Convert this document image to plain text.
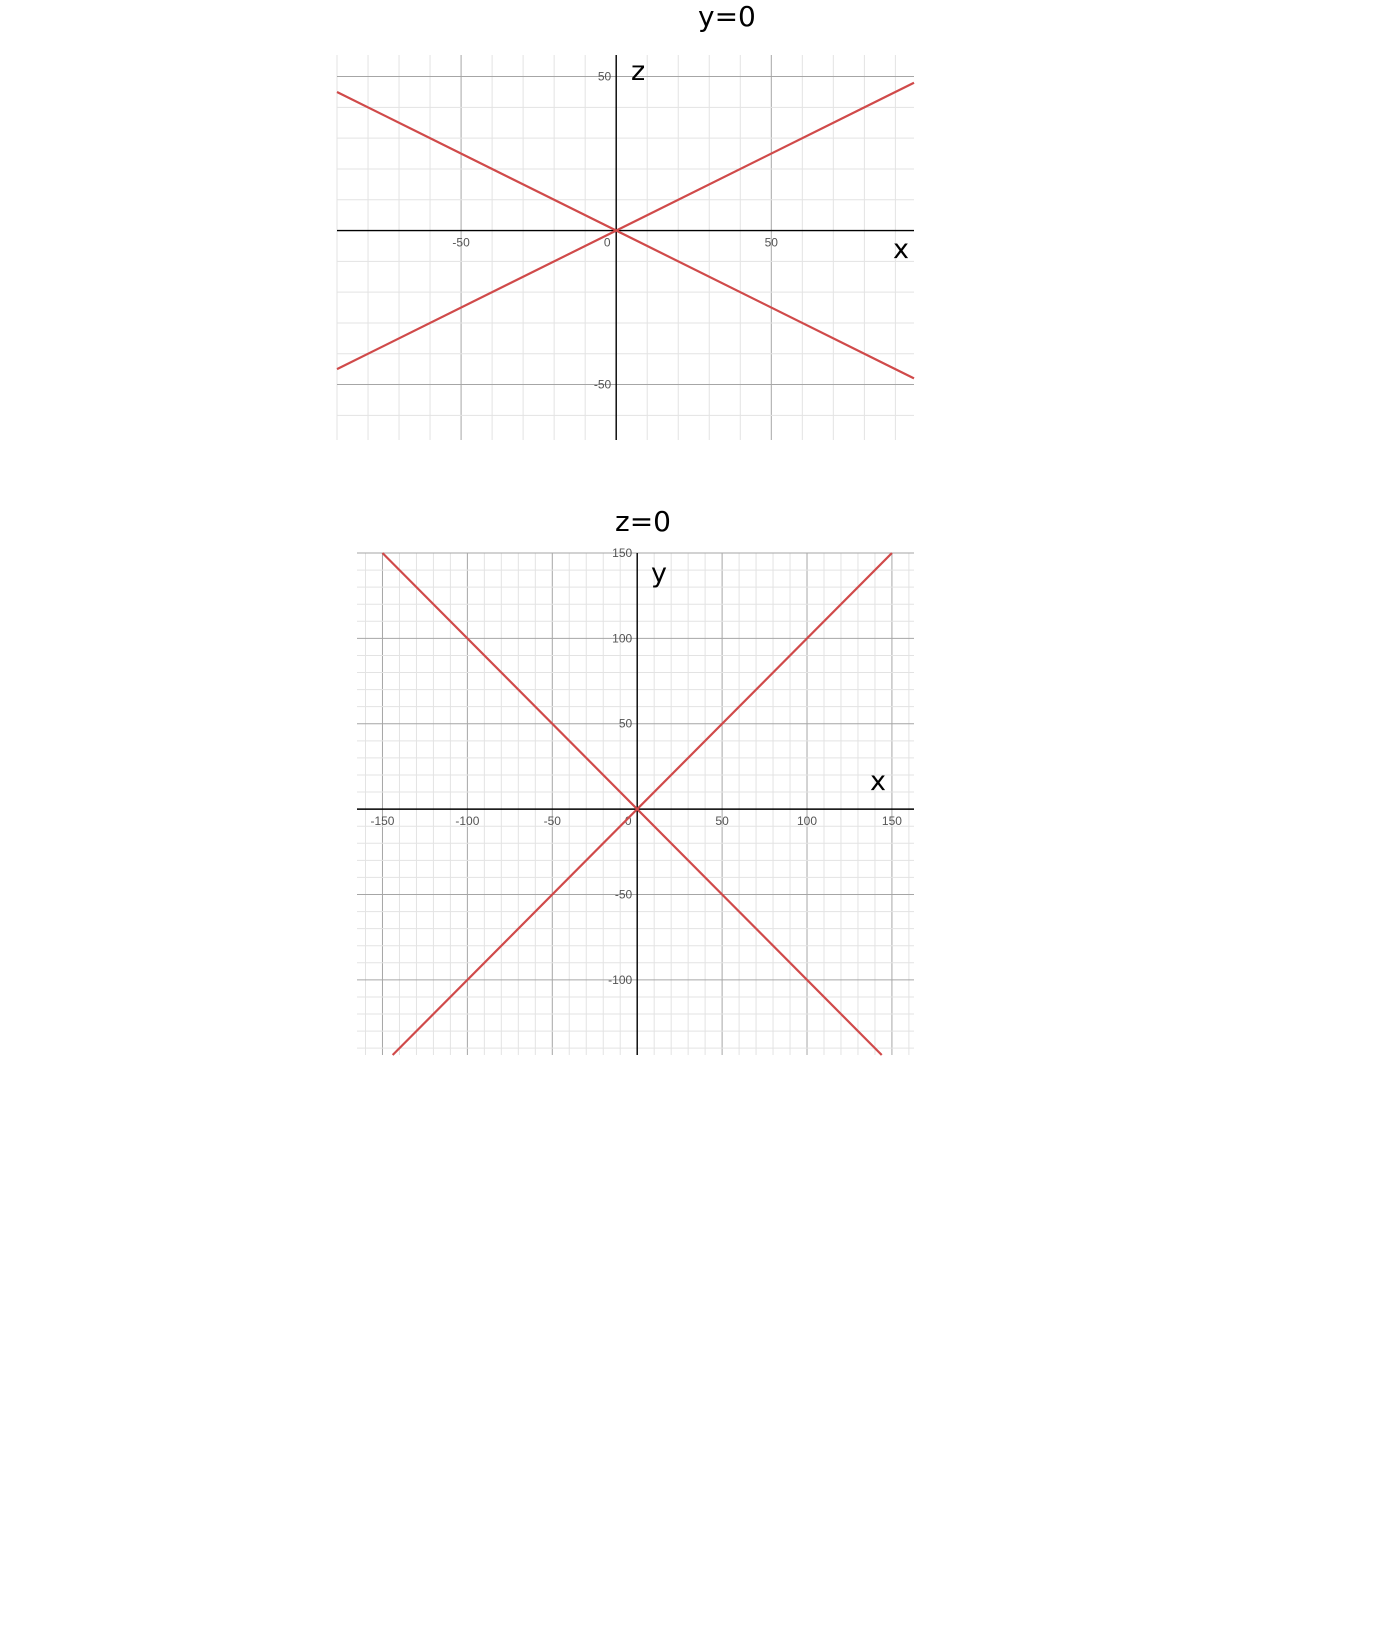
y=0
z=0
-50	0	50
50
-50
x
z
-150	-100	-50	0	50	100	150
150
100
50
-50
-100
x
y
